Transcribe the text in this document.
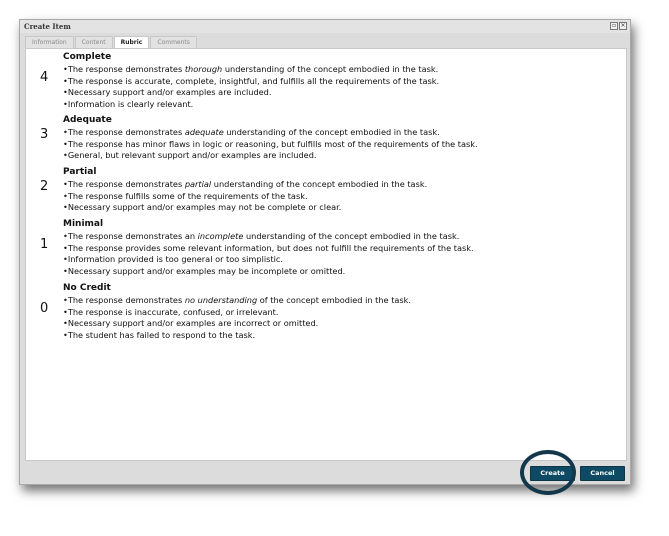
Create Item	▫ ×
Information	Content	Rubric	Comments
4
Complete
•The response demonstrates thorough understanding of the concept embodied in the task.
•The response is accurate, complete, insightful, and fulfills all the requirements of the task.
•Necessary support and/or examples are included.
•Information is clearly relevant.
3
Adequate
•The response demonstrates adequate understanding of the concept embodied in the task.
•The response has minor flaws in logic or reasoning, but fulfills most of the requirements of the task.
•General, but relevant support and/or examples are included.
2
Partial
•The response demonstrates partial understanding of the concept embodied in the task.
•The response fulfills some of the requirements of the task.
•Necessary support and/or examples may not be complete or clear.
1
Minimal
•The response demonstrates an incomplete understanding of the concept embodied in the task.
•The response provides some relevant information, but does not fulfill the requirements of the task.
•Information provided is too general or too simplistic.
•Necessary support and/or examples may be incomplete or omitted.
0
No Credit
•The response demonstrates no understanding of the concept embodied in the task.
•The response is inaccurate, confused, or irrelevant.
•Necessary support and/or examples are incorrect or omitted.
•The student has failed to respond to the task.
Create	Cancel
